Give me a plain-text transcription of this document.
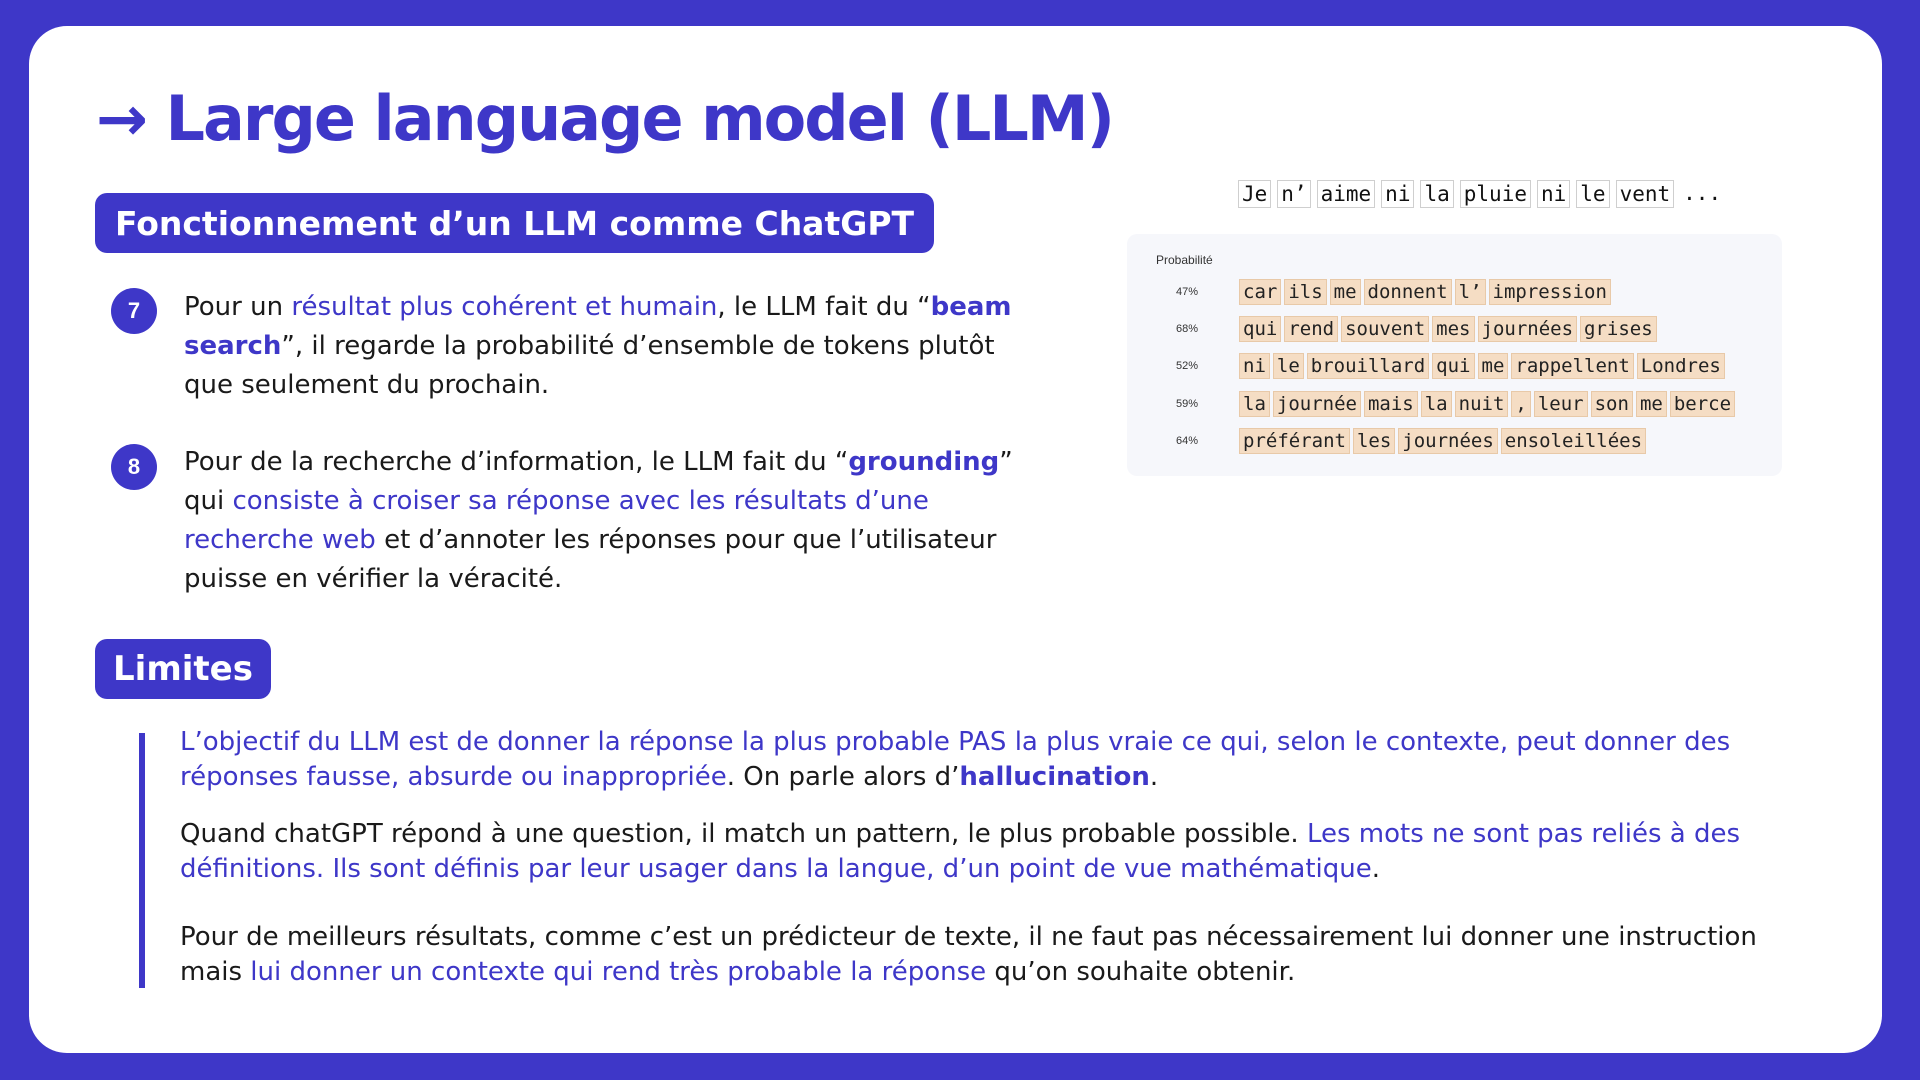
→ Large language model (LLM)
Fonctionnement d’un LLM comme ChatGPT
7	Pour un résultat plus cohérent et humain, le LLM fait du “beam search”, il regarde la probabilité d’ensemble de tokens plutôt que seulement du prochain.
8	Pour de la recherche d’information, le LLM fait du “grounding” qui consiste à croiser sa réponse avec les résultats d’une recherche web et d’annoter les réponses pour que l’utilisateur puisse en vérifier la véracité.
Je n’ aime ni la pluie ni le vent ...
Probabilité
47%	car ils me donnent l’ impression
68%	qui rend souvent mes journées grises
52%	ni le brouillard qui me rappellent Londres
59%	la journée mais la nuit , leur son me berce
64%	préférant les journées ensoleillées
Limites
L’objectif du LLM est de donner la réponse la plus probable PAS la plus vraie ce qui, selon le contexte, peut donner des réponses fausse, absurde ou inappropriée. On parle alors d’hallucination.
Quand chatGPT répond à une question, il match un pattern, le plus probable possible. Les mots ne sont pas reliés à des définitions. Ils sont définis par leur usager dans la langue, d’un point de vue mathématique.
Pour de meilleurs résultats, comme c’est un prédicteur de texte, il ne faut pas nécessairement lui donner une instruction mais lui donner un contexte qui rend très probable la réponse qu’on souhaite obtenir.
